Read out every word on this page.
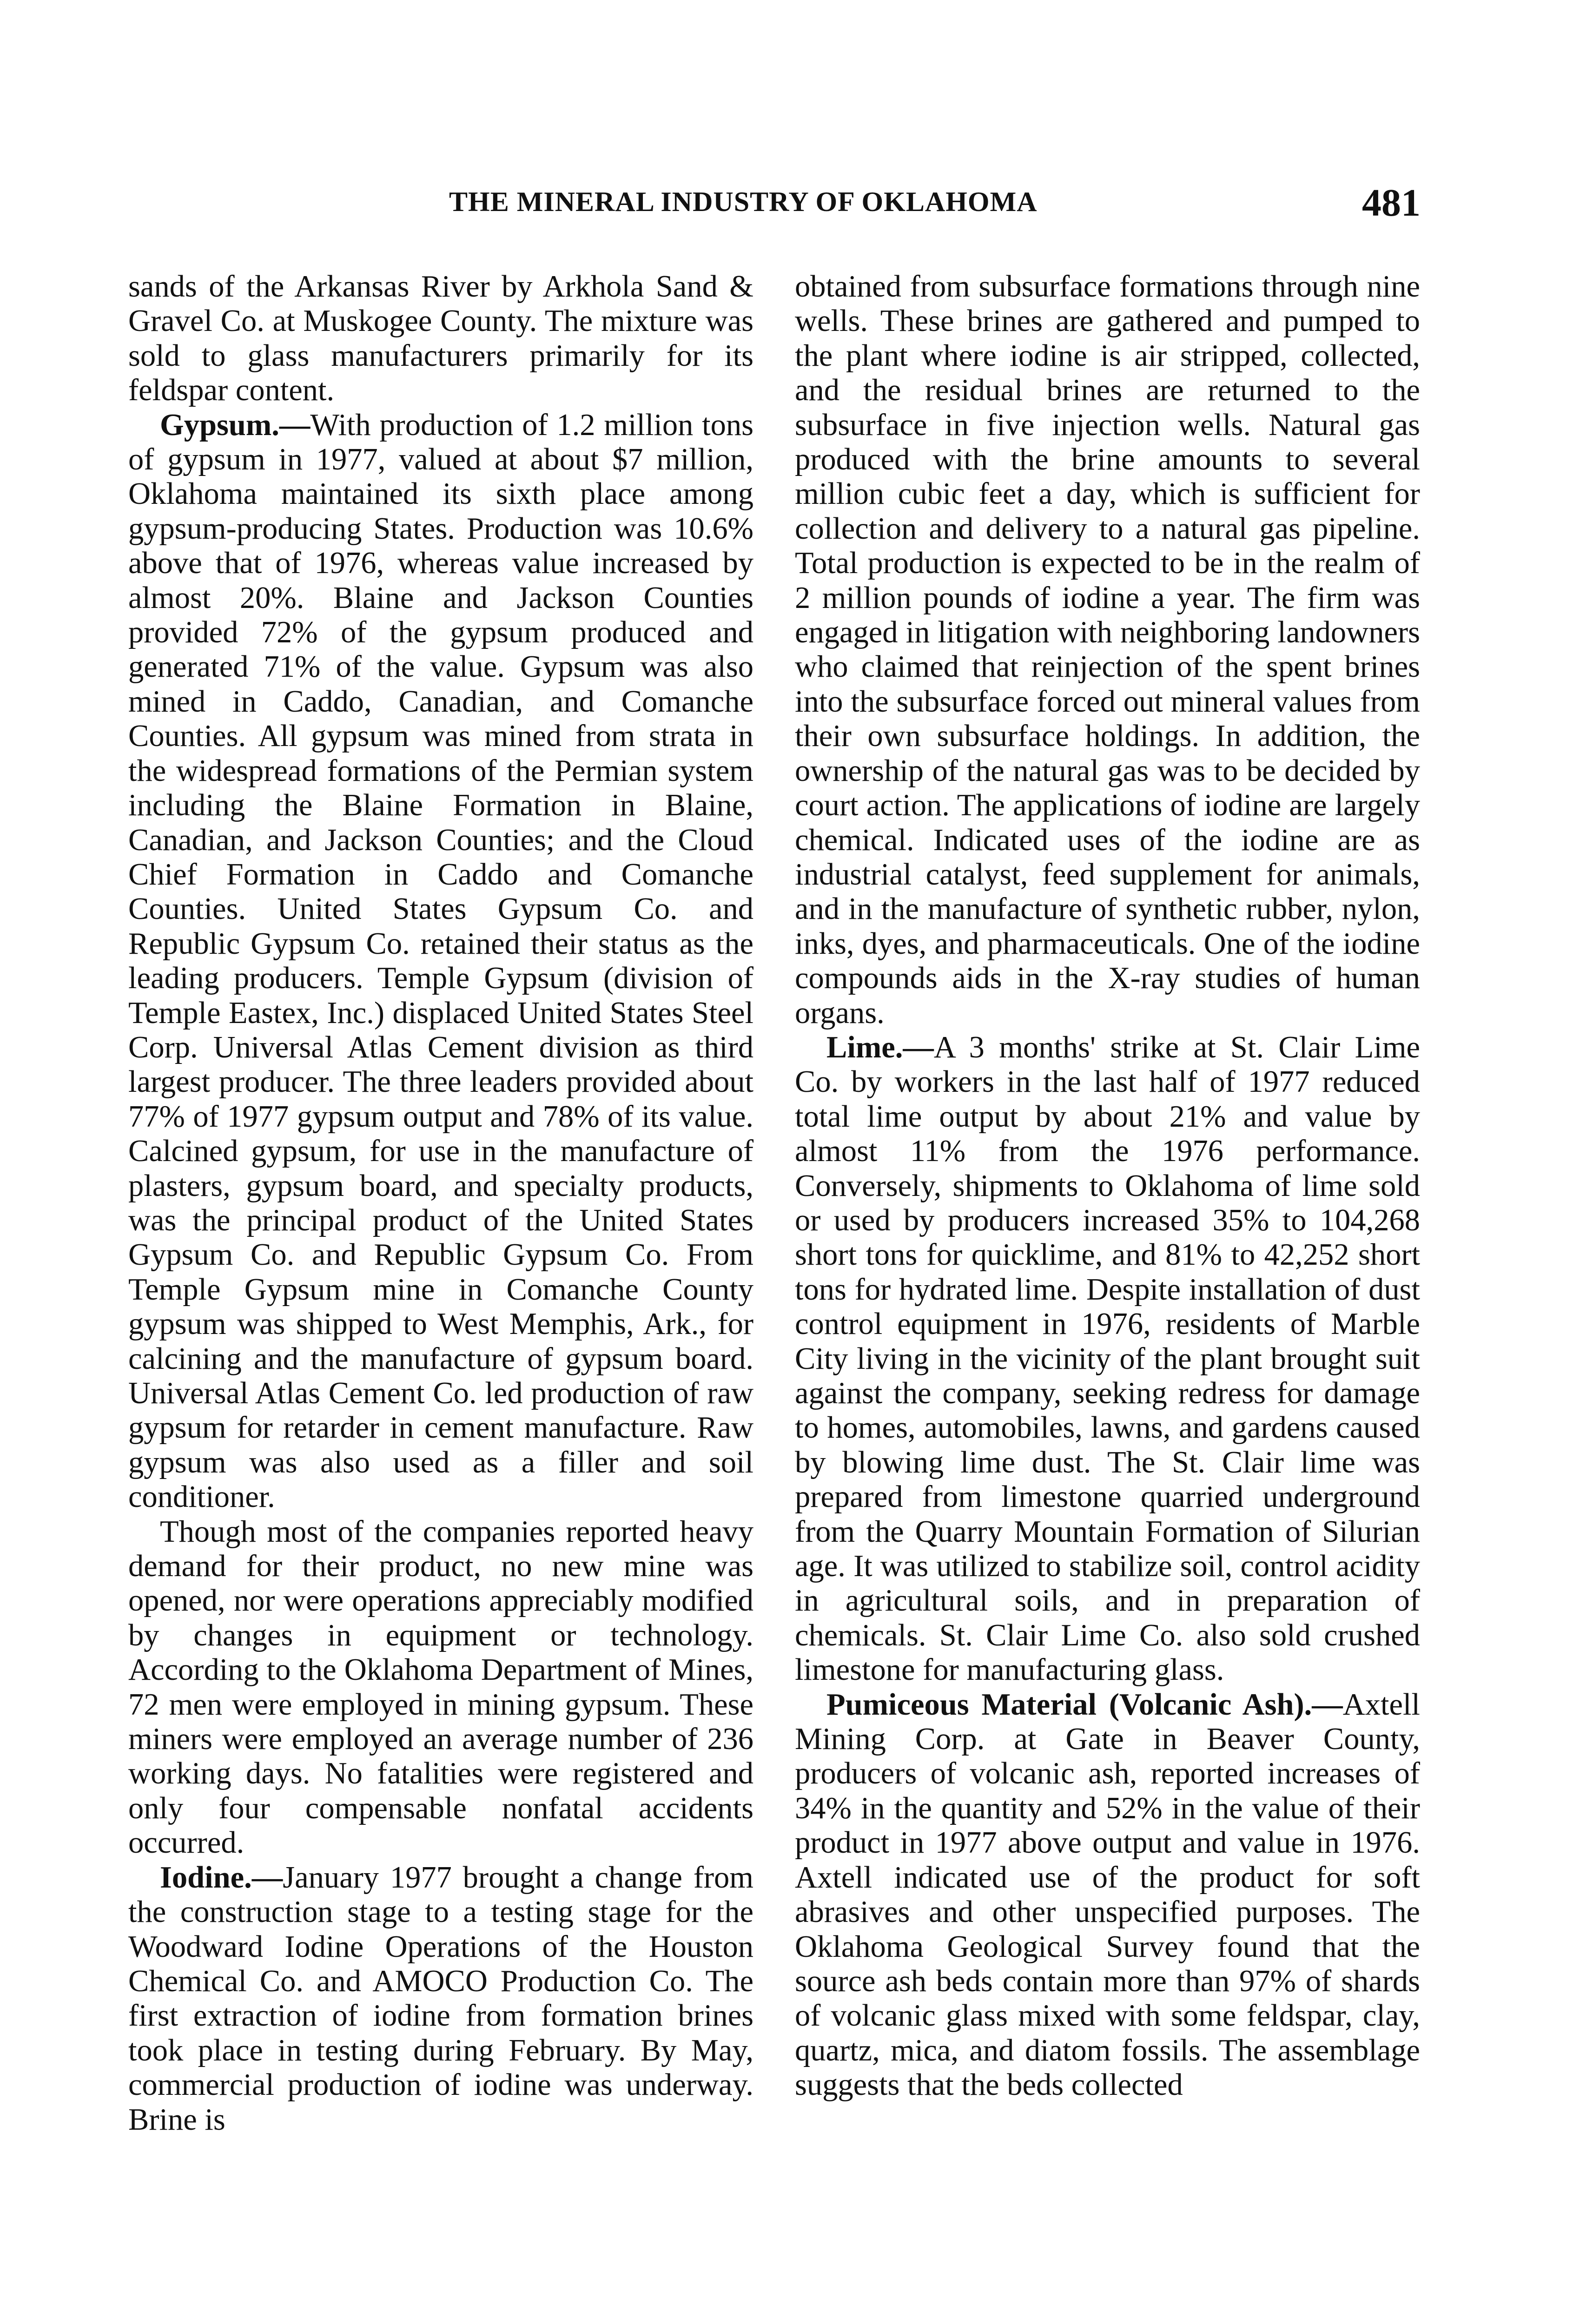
THE MINERAL INDUSTRY OF OKLAHOMA	481

sands of the Arkansas River by Arkhola Sand & Gravel Co. at Muskogee County. The mixture was sold to glass manufacturers primarily for its feldspar content.

Gypsum.—With production of 1.2 million tons of gypsum in 1977, valued at about $7 million, Oklahoma maintained its sixth place among gypsum-producing States. Production was 10.6% above that of 1976, whereas value increased by almost 20%. Blaine and Jackson Counties provided 72% of the gypsum produced and generated 71% of the value. Gypsum was also mined in Caddo, Canadian, and Comanche Counties. All gypsum was mined from strata in the widespread formations of the Permian system including the Blaine Formation in Blaine, Canadian, and Jackson Counties; and the Cloud Chief Formation in Caddo and Comanche Counties. United States Gypsum Co. and Republic Gypsum Co. retained their status as the leading producers. Temple Gypsum (division of Temple Eastex, Inc.) displaced United States Steel Corp. Universal Atlas Cement division as third largest producer. The three leaders provided about 77% of 1977 gypsum output and 78% of its value. Calcined gypsum, for use in the manufacture of plasters, gypsum board, and specialty products, was the principal product of the United States Gypsum Co. and Republic Gypsum Co. From Temple Gypsum mine in Comanche County gypsum was shipped to West Memphis, Ark., for calcining and the manufacture of gypsum board. Universal Atlas Cement Co. led production of raw gypsum for retarder in cement manufacture. Raw gypsum was also used as a filler and soil conditioner.

Though most of the companies reported heavy demand for their product, no new mine was opened, nor were operations appreciably modified by changes in equipment or technology. According to the Oklahoma Department of Mines, 72 men were employed in mining gypsum. These miners were employed an average number of 236 working days. No fatalities were registered and only four compensable nonfatal accidents occurred.

Iodine.—January 1977 brought a change from the construction stage to a testing stage for the Woodward Iodine Operations of the Houston Chemical Co. and AMOCO Production Co. The first extraction of iodine from formation brines took place in testing during February. By May, commercial production of iodine was underway. Brine is

obtained from subsurface formations through nine wells. These brines are gathered and pumped to the plant where iodine is air stripped, collected, and the residual brines are returned to the subsurface in five injection wells. Natural gas produced with the brine amounts to several million cubic feet a day, which is sufficient for collection and delivery to a natural gas pipeline. Total production is expected to be in the realm of 2 million pounds of iodine a year. The firm was engaged in litigation with neighboring landowners who claimed that reinjection of the spent brines into the subsurface forced out mineral values from their own subsurface holdings. In addition, the ownership of the natural gas was to be decided by court action. The applications of iodine are largely chemical. Indicated uses of the iodine are as industrial catalyst, feed supplement for animals, and in the manufacture of synthetic rubber, nylon, inks, dyes, and pharmaceuticals. One of the iodine compounds aids in the X-ray studies of human organs.

Lime.—A 3 months' strike at St. Clair Lime Co. by workers in the last half of 1977 reduced total lime output by about 21% and value by almost 11% from the 1976 performance. Conversely, shipments to Oklahoma of lime sold or used by producers increased 35% to 104,268 short tons for quicklime, and 81% to 42,252 short tons for hydrated lime. Despite installation of dust control equipment in 1976, residents of Marble City living in the vicinity of the plant brought suit against the company, seeking redress for damage to homes, automobiles, lawns, and gardens caused by blowing lime dust. The St. Clair lime was prepared from limestone quarried underground from the Quarry Mountain Formation of Silurian age. It was utilized to stabilize soil, control acidity in agricultural soils, and in preparation of chemicals. St. Clair Lime Co. also sold crushed limestone for manufacturing glass.

Pumiceous Material (Volcanic Ash).—Axtell Mining Corp. at Gate in Beaver County, producers of volcanic ash, reported increases of 34% in the quantity and 52% in the value of their product in 1977 above output and value in 1976. Axtell indicated use of the product for soft abrasives and other unspecified purposes. The Oklahoma Geological Survey found that the source ash beds contain more than 97% of shards of volcanic glass mixed with some feldspar, clay, quartz, mica, and diatom fossils. The assemblage suggests that the beds collected
